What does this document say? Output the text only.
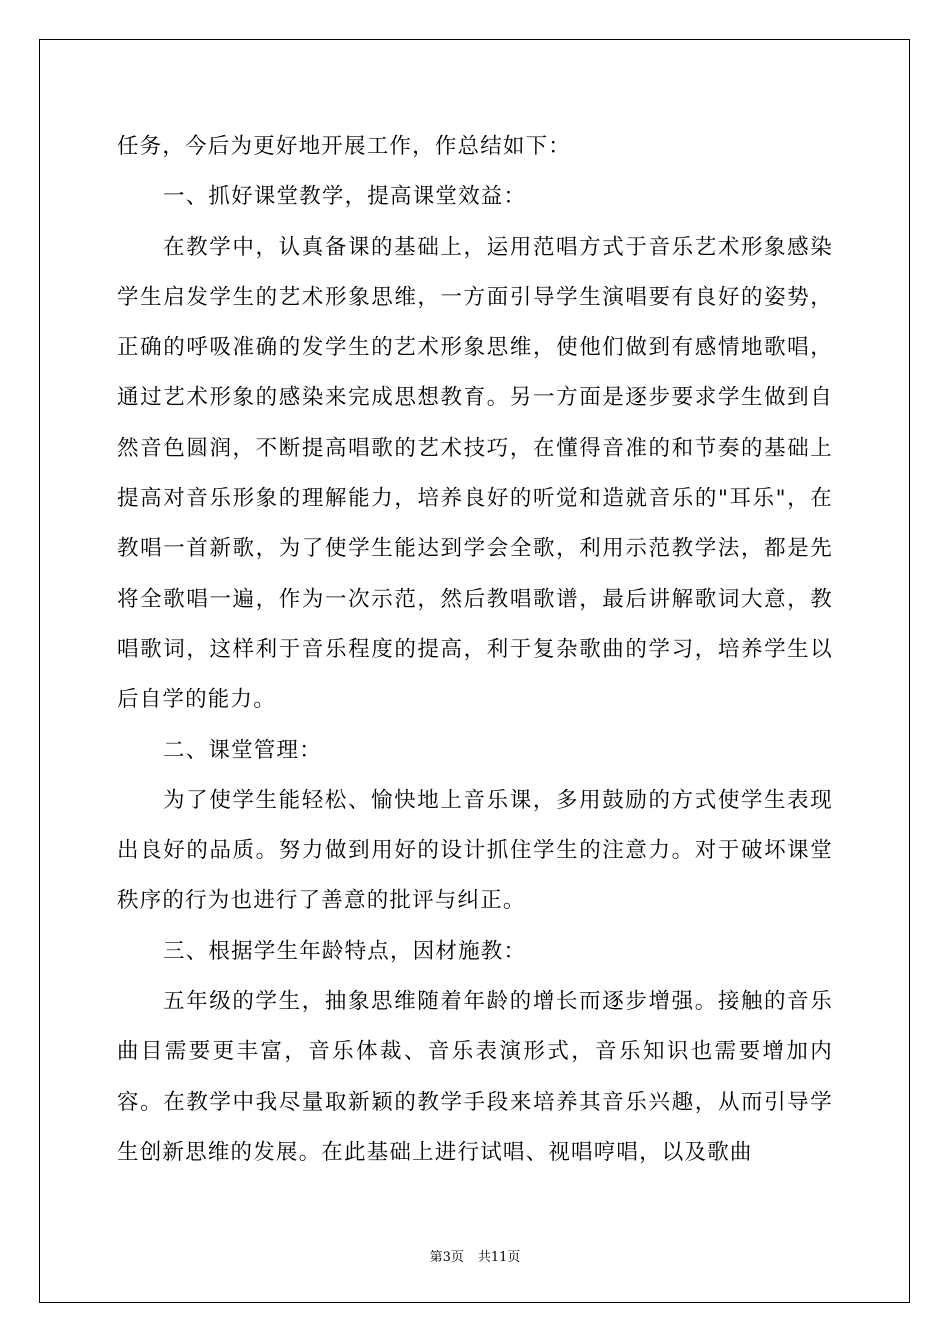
任务，今后为更好地开展工作，作总结如下：

一、抓好课堂教学，提高课堂效益：

在教学中，认真备课的基础上，运用范唱方式于音乐艺术形象感染学生启发学生的艺术形象思维，一方面引导学生演唱要有良好的姿势，正确的呼吸准确的发学生的艺术形象思维，使他们做到有感情地歌唱，通过艺术形象的感染来完成思想教育。另一方面是逐步要求学生做到自然音色圆润，不断提高唱歌的艺术技巧，在懂得音准的和节奏的基础上提高对音乐形象的理解能力，培养良好的听觉和造就音乐的"耳乐"，在教唱一首新歌，为了使学生能达到学会全歌，利用示范教学法，都是先将全歌唱一遍，作为一次示范，然后教唱歌谱，最后讲解歌词大意，教唱歌词，这样利于音乐程度的提高，利于复杂歌曲的学习，培养学生以后自学的能力。

二、课堂管理：

为了使学生能轻松、愉快地上音乐课，多用鼓励的方式使学生表现出良好的品质。努力做到用好的设计抓住学生的注意力。对于破坏课堂秩序的行为也进行了善意的批评与纠正。

三、根据学生年龄特点，因材施教：

五年级的学生，抽象思维随着年龄的增长而逐步增强。接触的音乐曲目需要更丰富，音乐体裁、音乐表演形式，音乐知识也需要增加内容。在教学中我尽量取新颖的教学手段来培养其音乐兴趣，从而引导学生创新思维的发展。在此基础上进行试唱、视唱哼唱，以及歌曲

第3页 共11页
